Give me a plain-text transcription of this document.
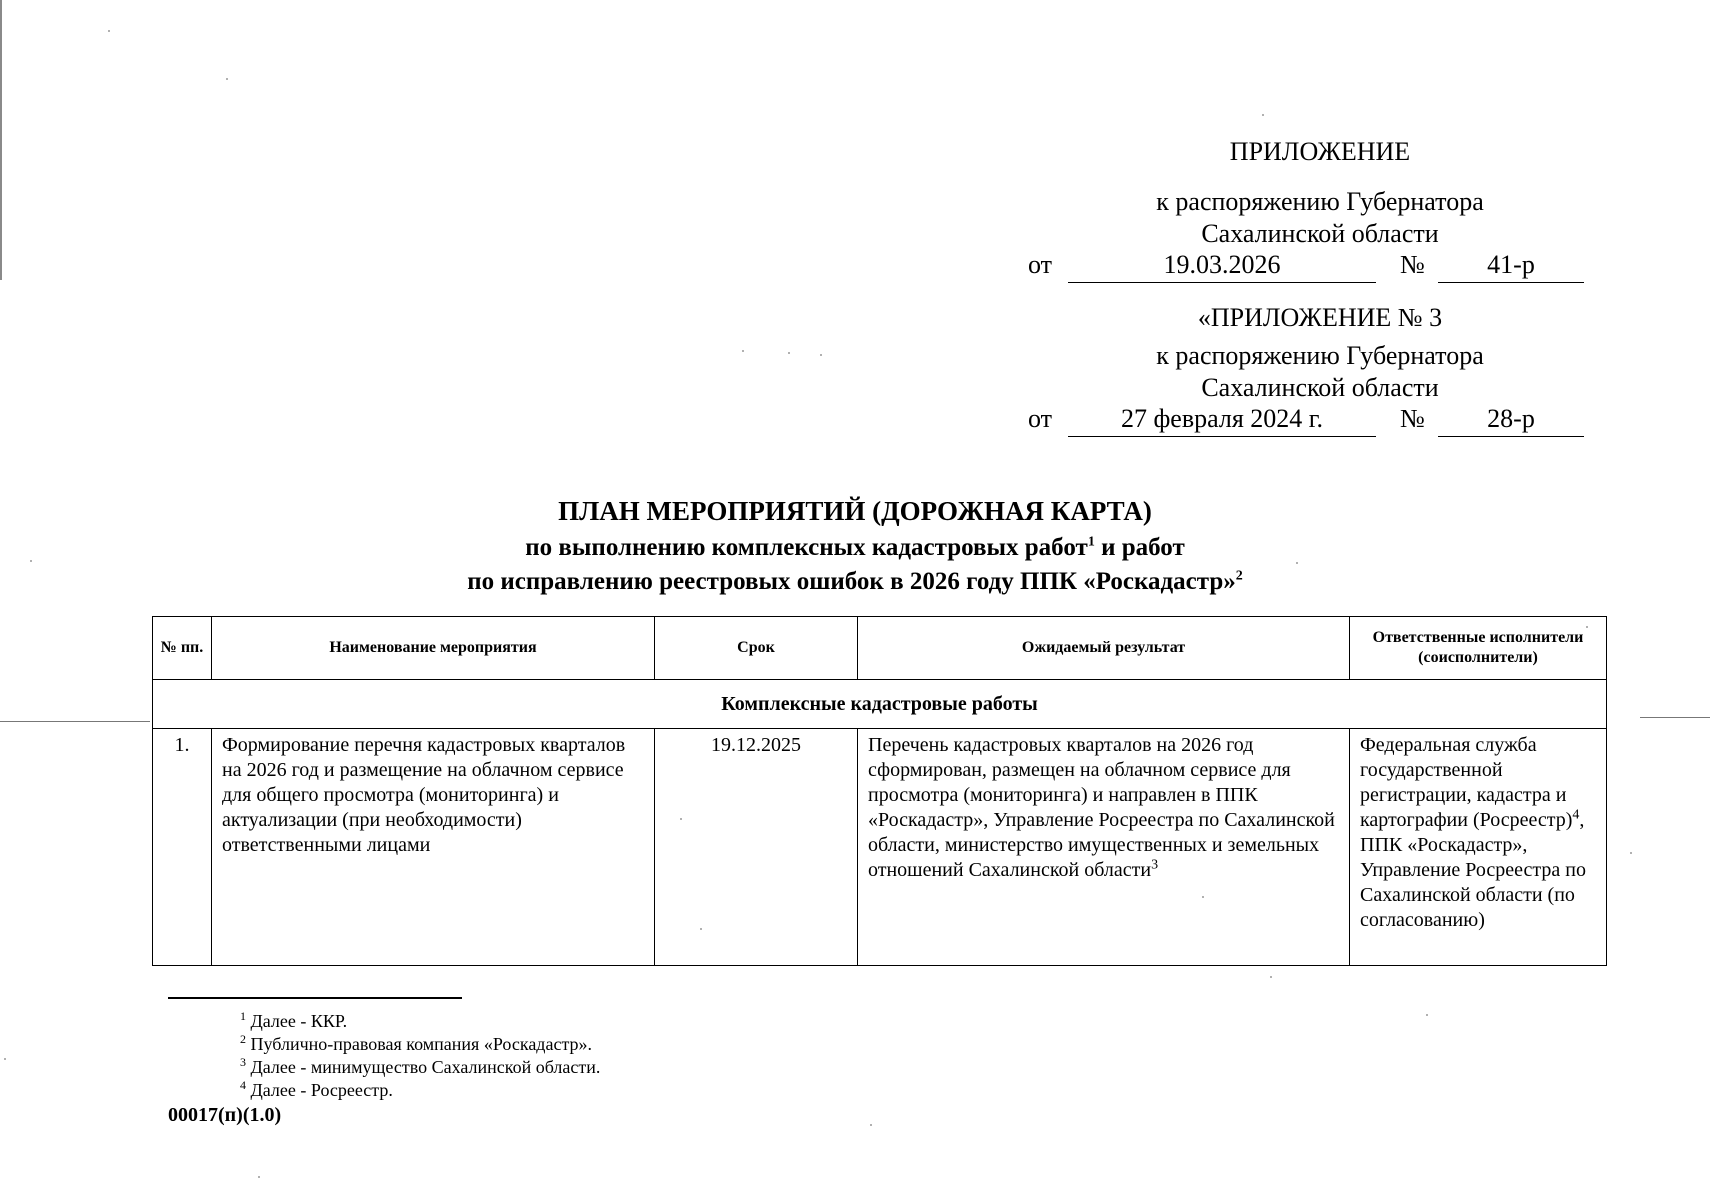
ПРИЛОЖЕНИЕ
к распоряжению Губернатора
Сахалинской области
от	19.03.2026	№	41-р
«ПРИЛОЖЕНИЕ № 3
к распоряжению Губернатора
Сахалинской области
от	27 февраля 2024 г.	№	28-р
ПЛАН МЕРОПРИЯТИЙ (ДОРОЖНАЯ КАРТА)
по выполнению комплексных кадастровых работ$^1$ и работ
по исправлению реестровых ошибок в 2026 году ППК «Роскадастр»$^2$
№ пп.	Наименование мероприятия	Срок	Ожидаемый результат	Ответственные исполнители (соисполнители)
Комплексные кадастровые работы				
1.	Формирование перечня кадастровых кварталов на 2026 год и размещение на облачном сервисе для общего просмотра (мониторинга) и актуализации (при необходимости) ответственными лицами	19.12.2025	Перечень кадастровых кварталов на 2026 год сформирован, размещен на облачном сервисе для просмотра (мониторинга) и направлен в ППК «Роскадастр», Управление Росреестра по Сахалинской области, министерство имущественных и земельных отношений Сахалинской области$^3$	Федеральная служба государственной регистрации, кадастра и картографии (Росреестр)$^4$, ППК «Роскадастр», Управление Росреестра по Сахалинской области (по согласованию)
$^1$ Далее - ККР.
$^2$ Публично-правовая компания «Роскадастр».
$^3$ Далее - минимущество Сахалинской области.
$^4$ Далее - Росреестр.
00017(п)(1.0)
